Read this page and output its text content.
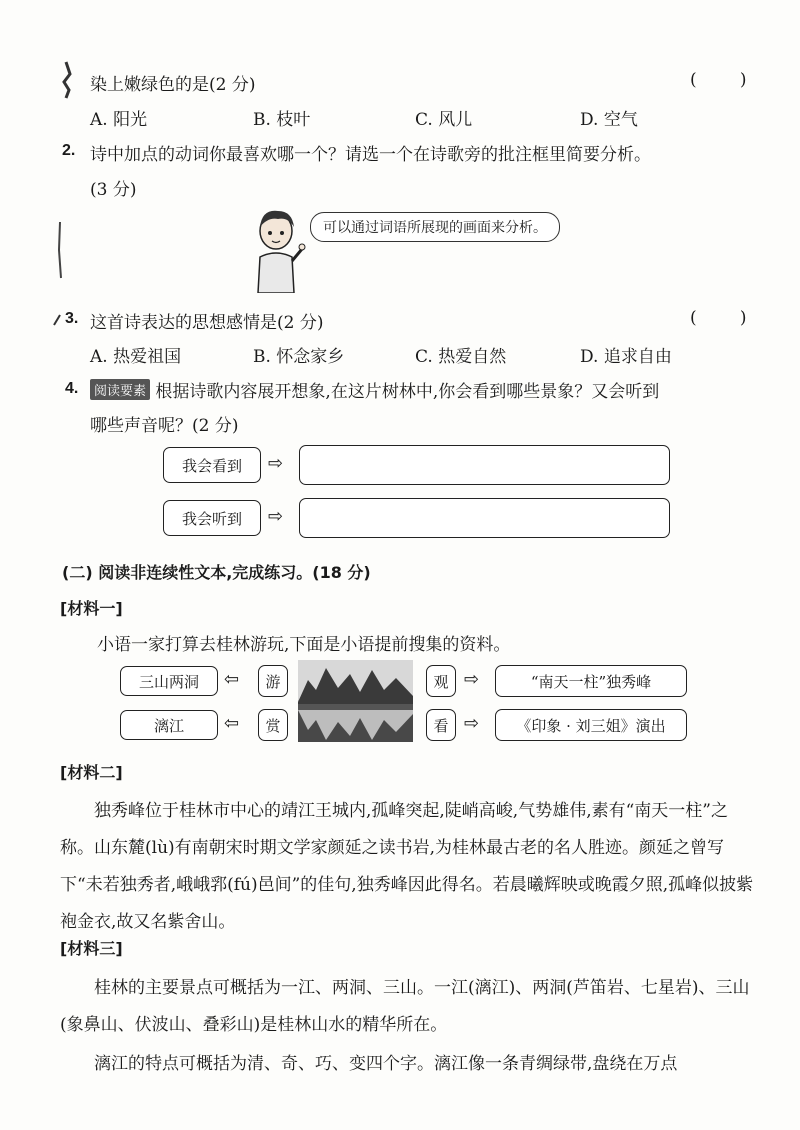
染上嫩绿色的是(2 分)	(        )
A. 阳光	B. 枝叶	C. 风儿	D. 空气
2. 诗中加点的动词你最喜欢哪一个？请选一个在诗歌旁的批注框里简要分析。
(3 分)
可以通过词语所展现的画面来分析。
3. 这首诗表达的思想感情是(2 分)	(        )
A. 热爱祖国	B. 怀念家乡	C. 热爱自然	D. 追求自由
4.	阅读要素 根据诗歌内容展开想象,在这片树林中,你会看到哪些景象？又会听到
哪些声音呢？(2 分)
我会看到	⇨
我会听到	⇨
(二) 阅读非连续性文本,完成练习。(18 分)
[材料一]
小语一家打算去桂林游玩,下面是小语提前搜集的资料。
三山两洞	⇦	游
漓江	⇦	赏
观 ⇨	“南天一柱”独秀峰
看 ⇨	《印象 · 刘三姐》演出
[材料二]
独秀峰位于桂林市中心的靖江王城内,孤峰突起,陡峭高峻,气势雄伟,素有“南天一柱”之称。山东麓(lù)有南朝宋时期文学家颜延之读书岩,为桂林最古老的名人胜迹。颜延之曾写下“未若独秀者,峨峨郛(fú)邑间”的佳句,独秀峰因此得名。若晨曦辉映或晚霞夕照,孤峰似披紫袍金衣,故又名紫舍山。
[材料三]
桂林的主要景点可概括为一江、两洞、三山。一江(漓江)、两洞(芦笛岩、七星岩)、三山(象鼻山、伏波山、叠彩山)是桂林山水的精华所在。
漓江的特点可概括为清、奇、巧、变四个字。漓江像一条青绸绿带,盘绕在万点
